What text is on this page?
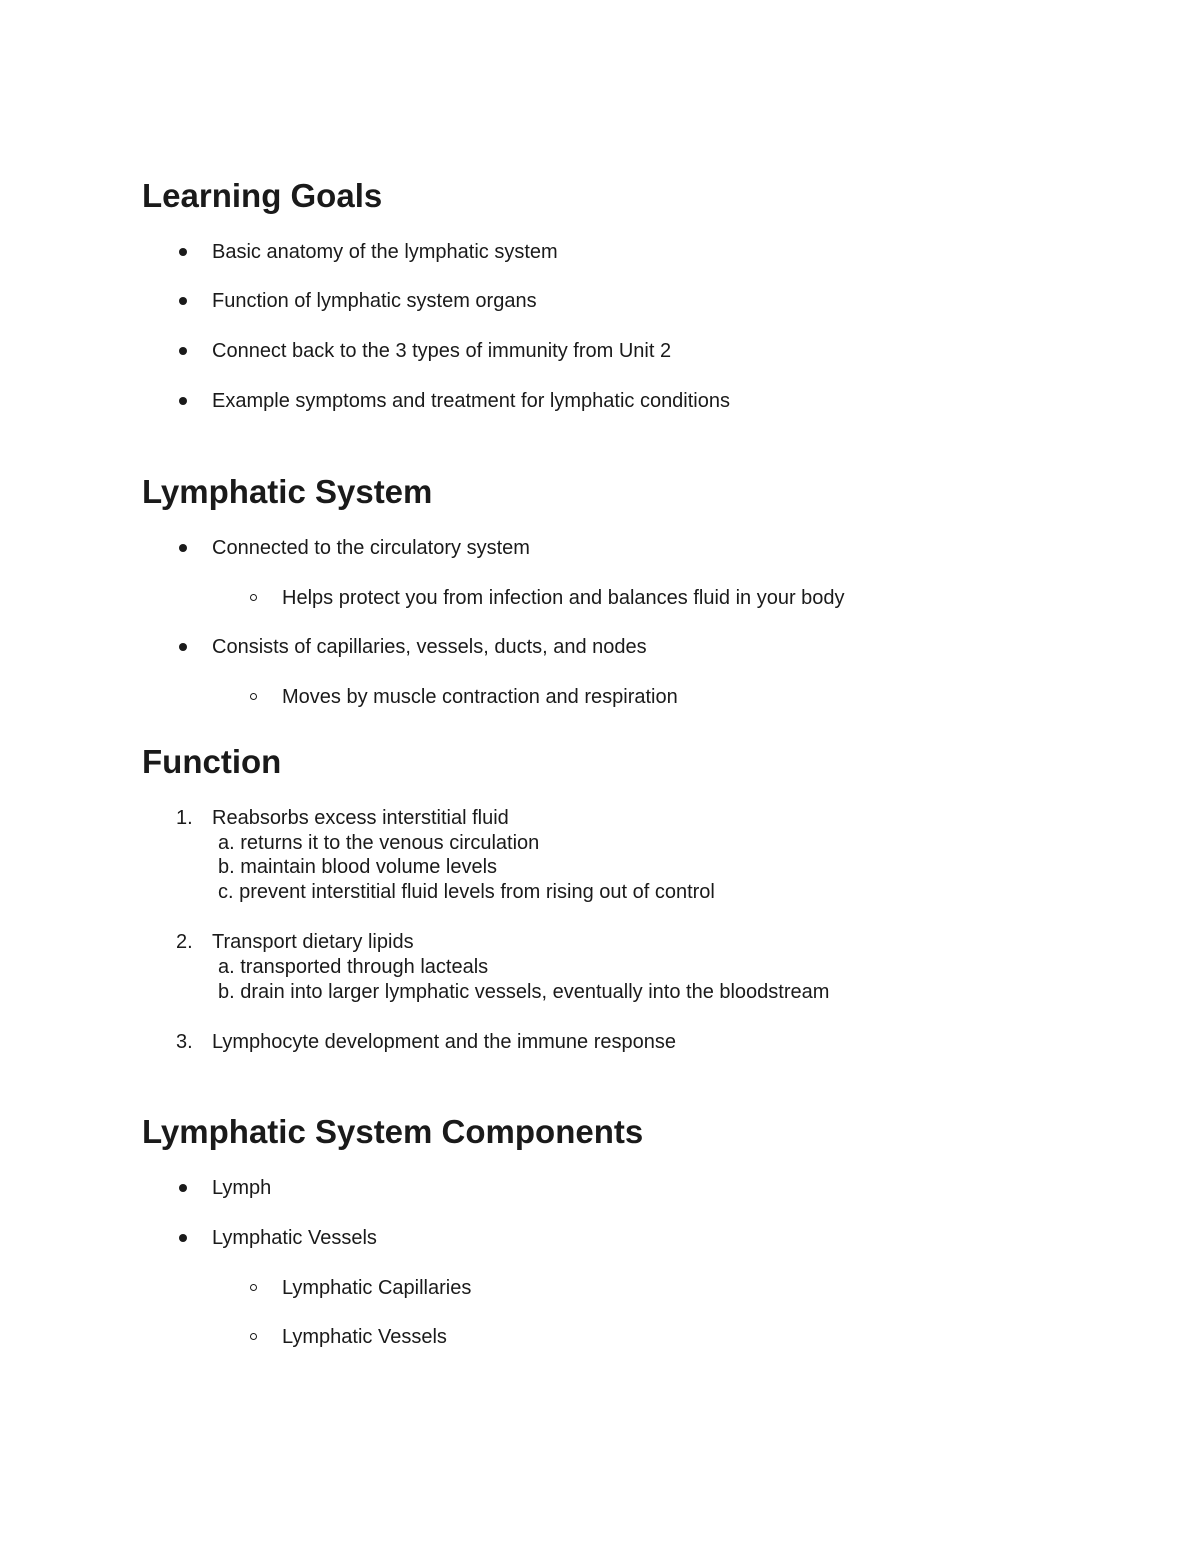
Learning Goals
Basic anatomy of the lymphatic system
Function of lymphatic system organs
Connect back to the 3 types of immunity from Unit 2
Example symptoms and treatment for lymphatic conditions
Lymphatic System
Connected to the circulatory system
Helps protect you from infection and balances fluid in your body
Consists of capillaries, vessels, ducts, and nodes
Moves by muscle contraction and respiration
Function
1. Reabsorbs excess interstitial fluid
a. returns it to the venous circulation
b. maintain blood volume levels
c. prevent interstitial fluid levels from rising out of control
2. Transport dietary lipids
a. transported through lacteals
b. drain into larger lymphatic vessels, eventually into the bloodstream
3. Lymphocyte development and the immune response
Lymphatic System Components
Lymph
Lymphatic Vessels
Lymphatic Capillaries
Lymphatic Vessels
